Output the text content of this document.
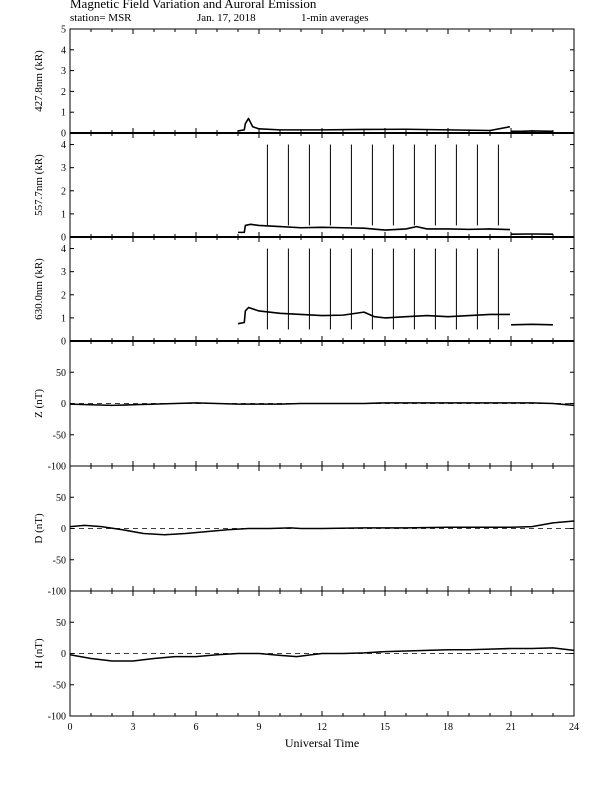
Magnetic Field Variation and Auroral Emission
station= MSR	Jan. 17, 2018	1-min averages
0
1
2
3
4
5
427.8nm (kR)
0
1
2
3
4
557.7nm (kR)
0
1
2
3
4
630.0nm (kR)
-100
-50
0
50
Z (nT)
-100
-50
0
50
D (nT)
-100
-50
0
50
H (nT)
0	3	6	9	12	15	18	21	24
Universal Time
